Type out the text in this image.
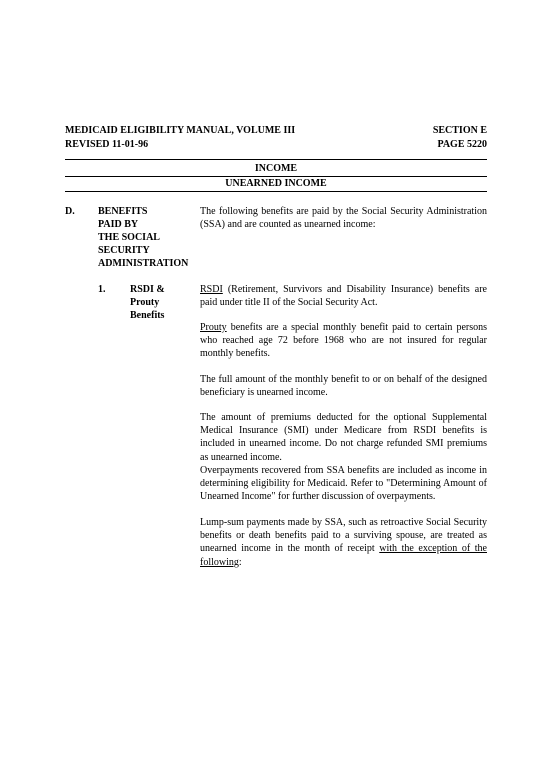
MEDICAID ELIGIBILITY MANUAL, VOLUME III	SECTION E
REVISED 11-01-96	PAGE 5220
INCOME
UNEARNED INCOME
D. BENEFITS
PAID BY
THE SOCIAL
SECURITY
ADMINISTRATION
The following benefits are paid by the Social Security Administration (SSA) and are counted as unearned income:
1. RSDI &
Prouty
Benefits
RSDI (Retirement, Survivors and Disability Insurance) benefits are paid under title II of the Social Security Act.
Prouty benefits are a special monthly benefit paid to certain persons who reached age 72 before 1968 who are not insured for regular monthly benefits.
The full amount of the monthly benefit to or on behalf of the designed beneficiary is unearned income.
The amount of premiums deducted for the optional Supplemental Medical Insurance (SMI) under Medicare from RSDI benefits is included in unearned income. Do not charge refunded SMI premiums as unearned income.
Overpayments recovered from SSA benefits are included as income in determining eligibility for Medicaid. Refer to "Determining Amount of Unearned Income" for further discussion of overpayments.
Lump-sum payments made by SSA, such as retroactive Social Security benefits or death benefits paid to a surviving spouse, are treated as unearned income in the month of receipt with the exception of the following:
